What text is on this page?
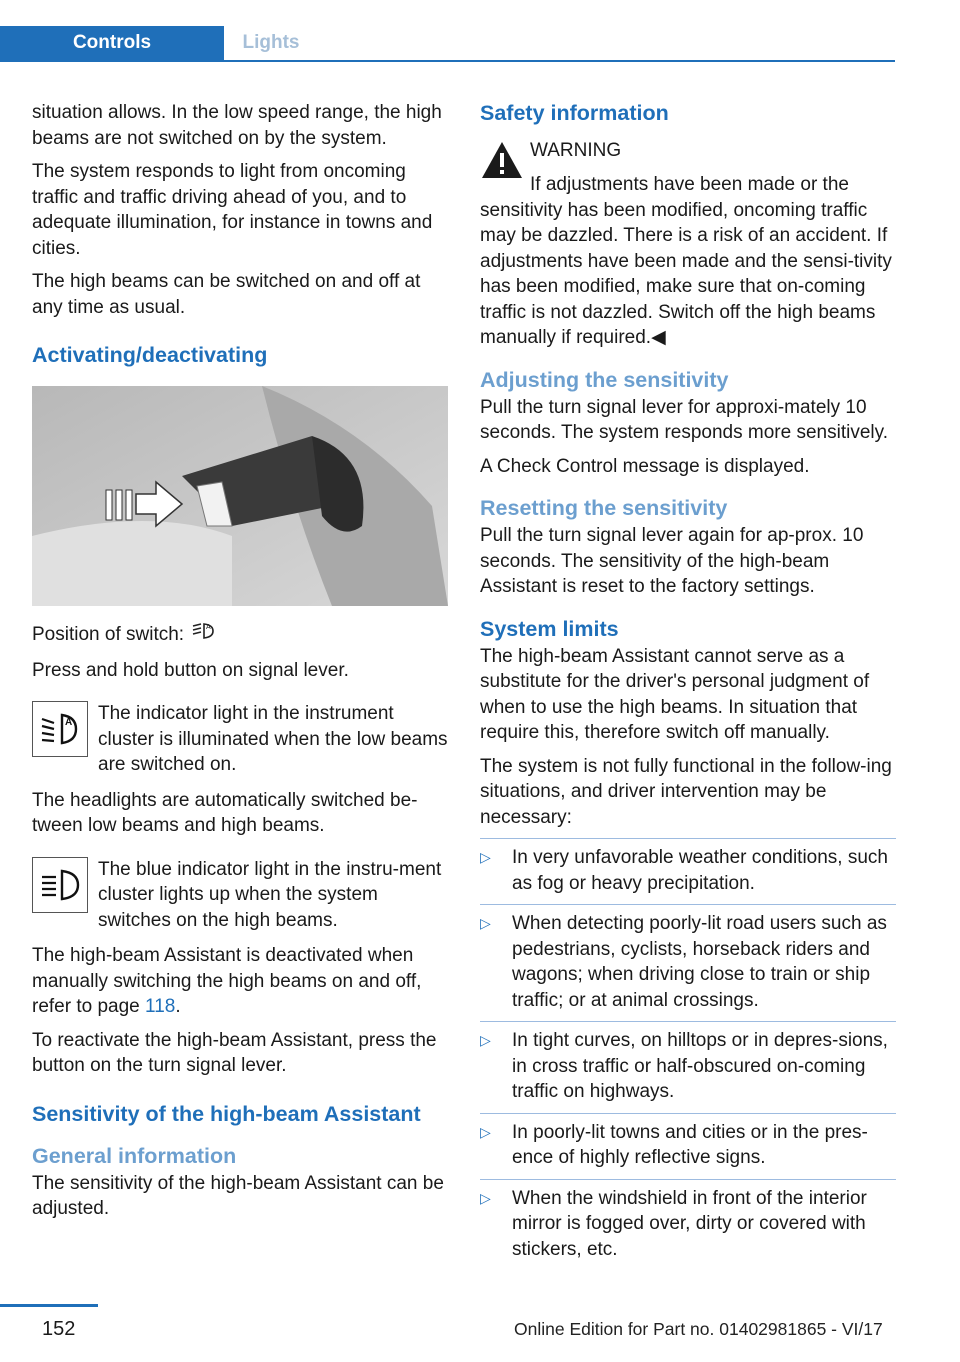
Controls	Lights

situation allows. In the low speed range, the high beams are not switched on by the system.

The system responds to light from oncoming traffic and traffic driving ahead of you, and to adequate illumination, for instance in towns and cities.

The high beams can be switched on and off at any time as usual.

Activating/deactivating

Position of switch:	A

Press and hold button on signal lever.

A The indicator light in the instrument cluster is illuminated when the low beams are switched on.

The headlights are automatically switched be-tween low beams and high beams.

The blue indicator light in the instru-ment cluster lights up when the system switches on the high beams.

The high-beam Assistant is deactivated when manually switching the high beams on and off, refer to page 118.

To reactivate the high-beam Assistant, press the button on the turn signal lever.

Sensitivity of the high-beam Assistant
General information

The sensitivity of the high-beam Assistant can be adjusted.

Safety information

WARNING

If adjustments have been made or the sensitivity has been modified, oncoming traffic may be dazzled. There is a risk of an accident. If adjustments have been made and the sensi-tivity has been modified, make sure that on-coming traffic is not dazzled. Switch off the high beams manually if required.◀

Adjusting the sensitivity

Pull the turn signal lever for approxi-mately 10 seconds. The system responds more sensitively.

A Check Control message is displayed.

Resetting the sensitivity

Pull the turn signal lever again for ap-prox. 10 seconds. The sensitivity of the high-beam Assistant is reset to the factory settings.

System limits

The high-beam Assistant cannot serve as a substitute for the driver's personal judgment of when to use the high beams. In situation that require this, therefore switch off manually.

The system is not fully functional in the follow-ing situations, and driver intervention may be necessary:

▷	In very unfavorable weather conditions, such as fog or heavy precipitation.
▷	When detecting poorly-lit road users such as pedestrians, cyclists, horseback riders and wagons; when driving close to train or ship traffic; or at animal crossings.
▷	In tight curves, on hilltops or in depres-sions, in cross traffic or half-obscured on-coming traffic on highways.
▷	In poorly-lit towns and cities or in the pres-ence of highly reflective signs.
▷	When the windshield in front of the interior mirror is fogged over, dirty or covered with stickers, etc.
152	Online Edition for Part no. 01402981865 - VI/17
